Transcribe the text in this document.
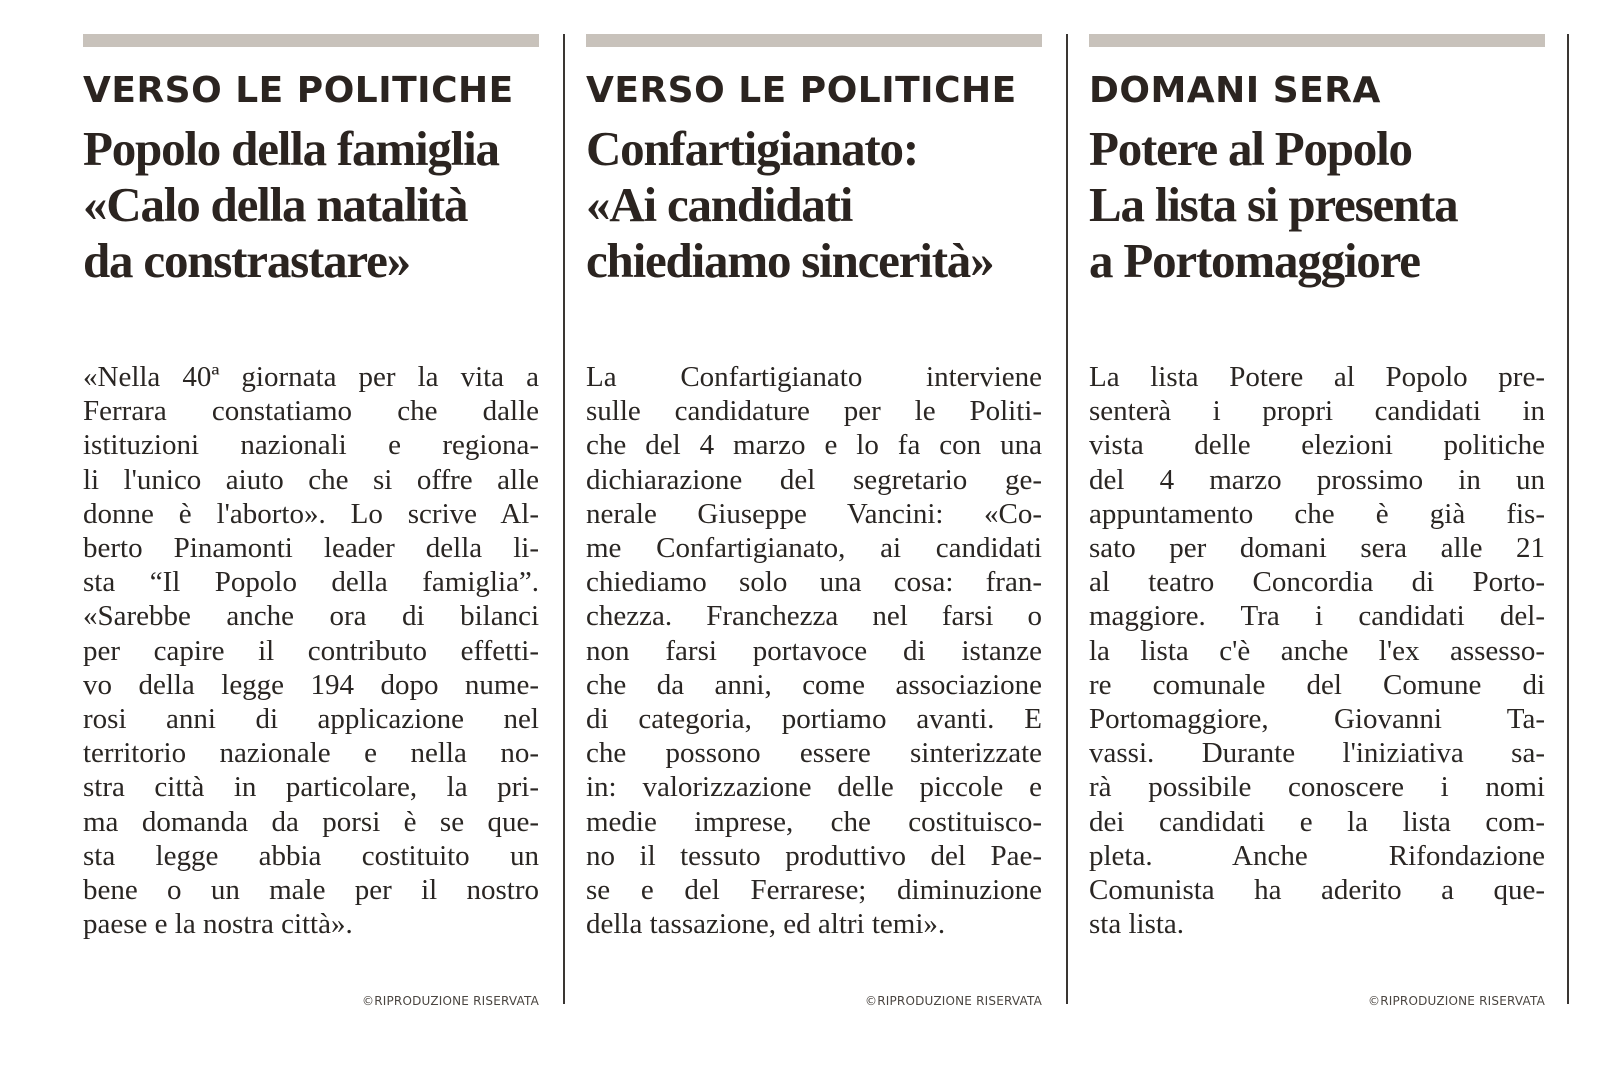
VERSO LE POLITICHE
Popolo della famiglia
«Calo della natalità
da constrastare»
«Nella 40ª giornata per la vita a
Ferrara constatiamo che dalle
istituzioni nazionali e regiona-
li l'unico aiuto che si offre alle
donne è l'aborto». Lo scrive Al-
berto Pinamonti leader della li-
sta “Il Popolo della famiglia”.
«Sarebbe anche ora di bilanci
per capire il contributo effetti-
vo della legge 194 dopo nume-
rosi anni di applicazione nel
territorio nazionale e nella no-
stra città in particolare, la pri-
ma domanda da porsi è se que-
sta legge abbia costituito un
bene o un male per il nostro
paese e la nostra città».
©RIPRODUZIONE RISERVATA
VERSO LE POLITICHE
Confartigianato:
«Ai candidati
chiediamo sincerità»
La Confartigianato interviene
sulle candidature per le Politi-
che del 4 marzo e lo fa con una
dichiarazione del segretario ge-
nerale Giuseppe Vancini: «Co-
me Confartigianato, ai candidati
chiediamo solo una cosa: fran-
chezza. Franchezza nel farsi o
non farsi portavoce di istanze
che da anni, come associazione
di categoria, portiamo avanti. E
che possono essere sinterizzate
in: valorizzazione delle piccole e
medie imprese, che costituisco-
no il tessuto produttivo del Pae-
se e del Ferrarese; diminuzione
della tassazione, ed altri temi».
©RIPRODUZIONE RISERVATA
DOMANI SERA
Potere al Popolo
La lista si presenta
a Portomaggiore
La lista Potere al Popolo pre-
senterà i propri candidati in
vista delle elezioni politiche
del 4 marzo prossimo in un
appuntamento che è già fis-
sato per domani sera alle 21
al teatro Concordia di Porto-
maggiore. Tra i candidati del-
la lista c'è anche l'ex assesso-
re comunale del Comune di
Portomaggiore, Giovanni Ta-
vassi. Durante l'iniziativa sa-
rà possibile conoscere i nomi
dei candidati e la lista com-
pleta. Anche Rifondazione
Comunista ha aderito a que-
sta lista.
©RIPRODUZIONE RISERVATA
